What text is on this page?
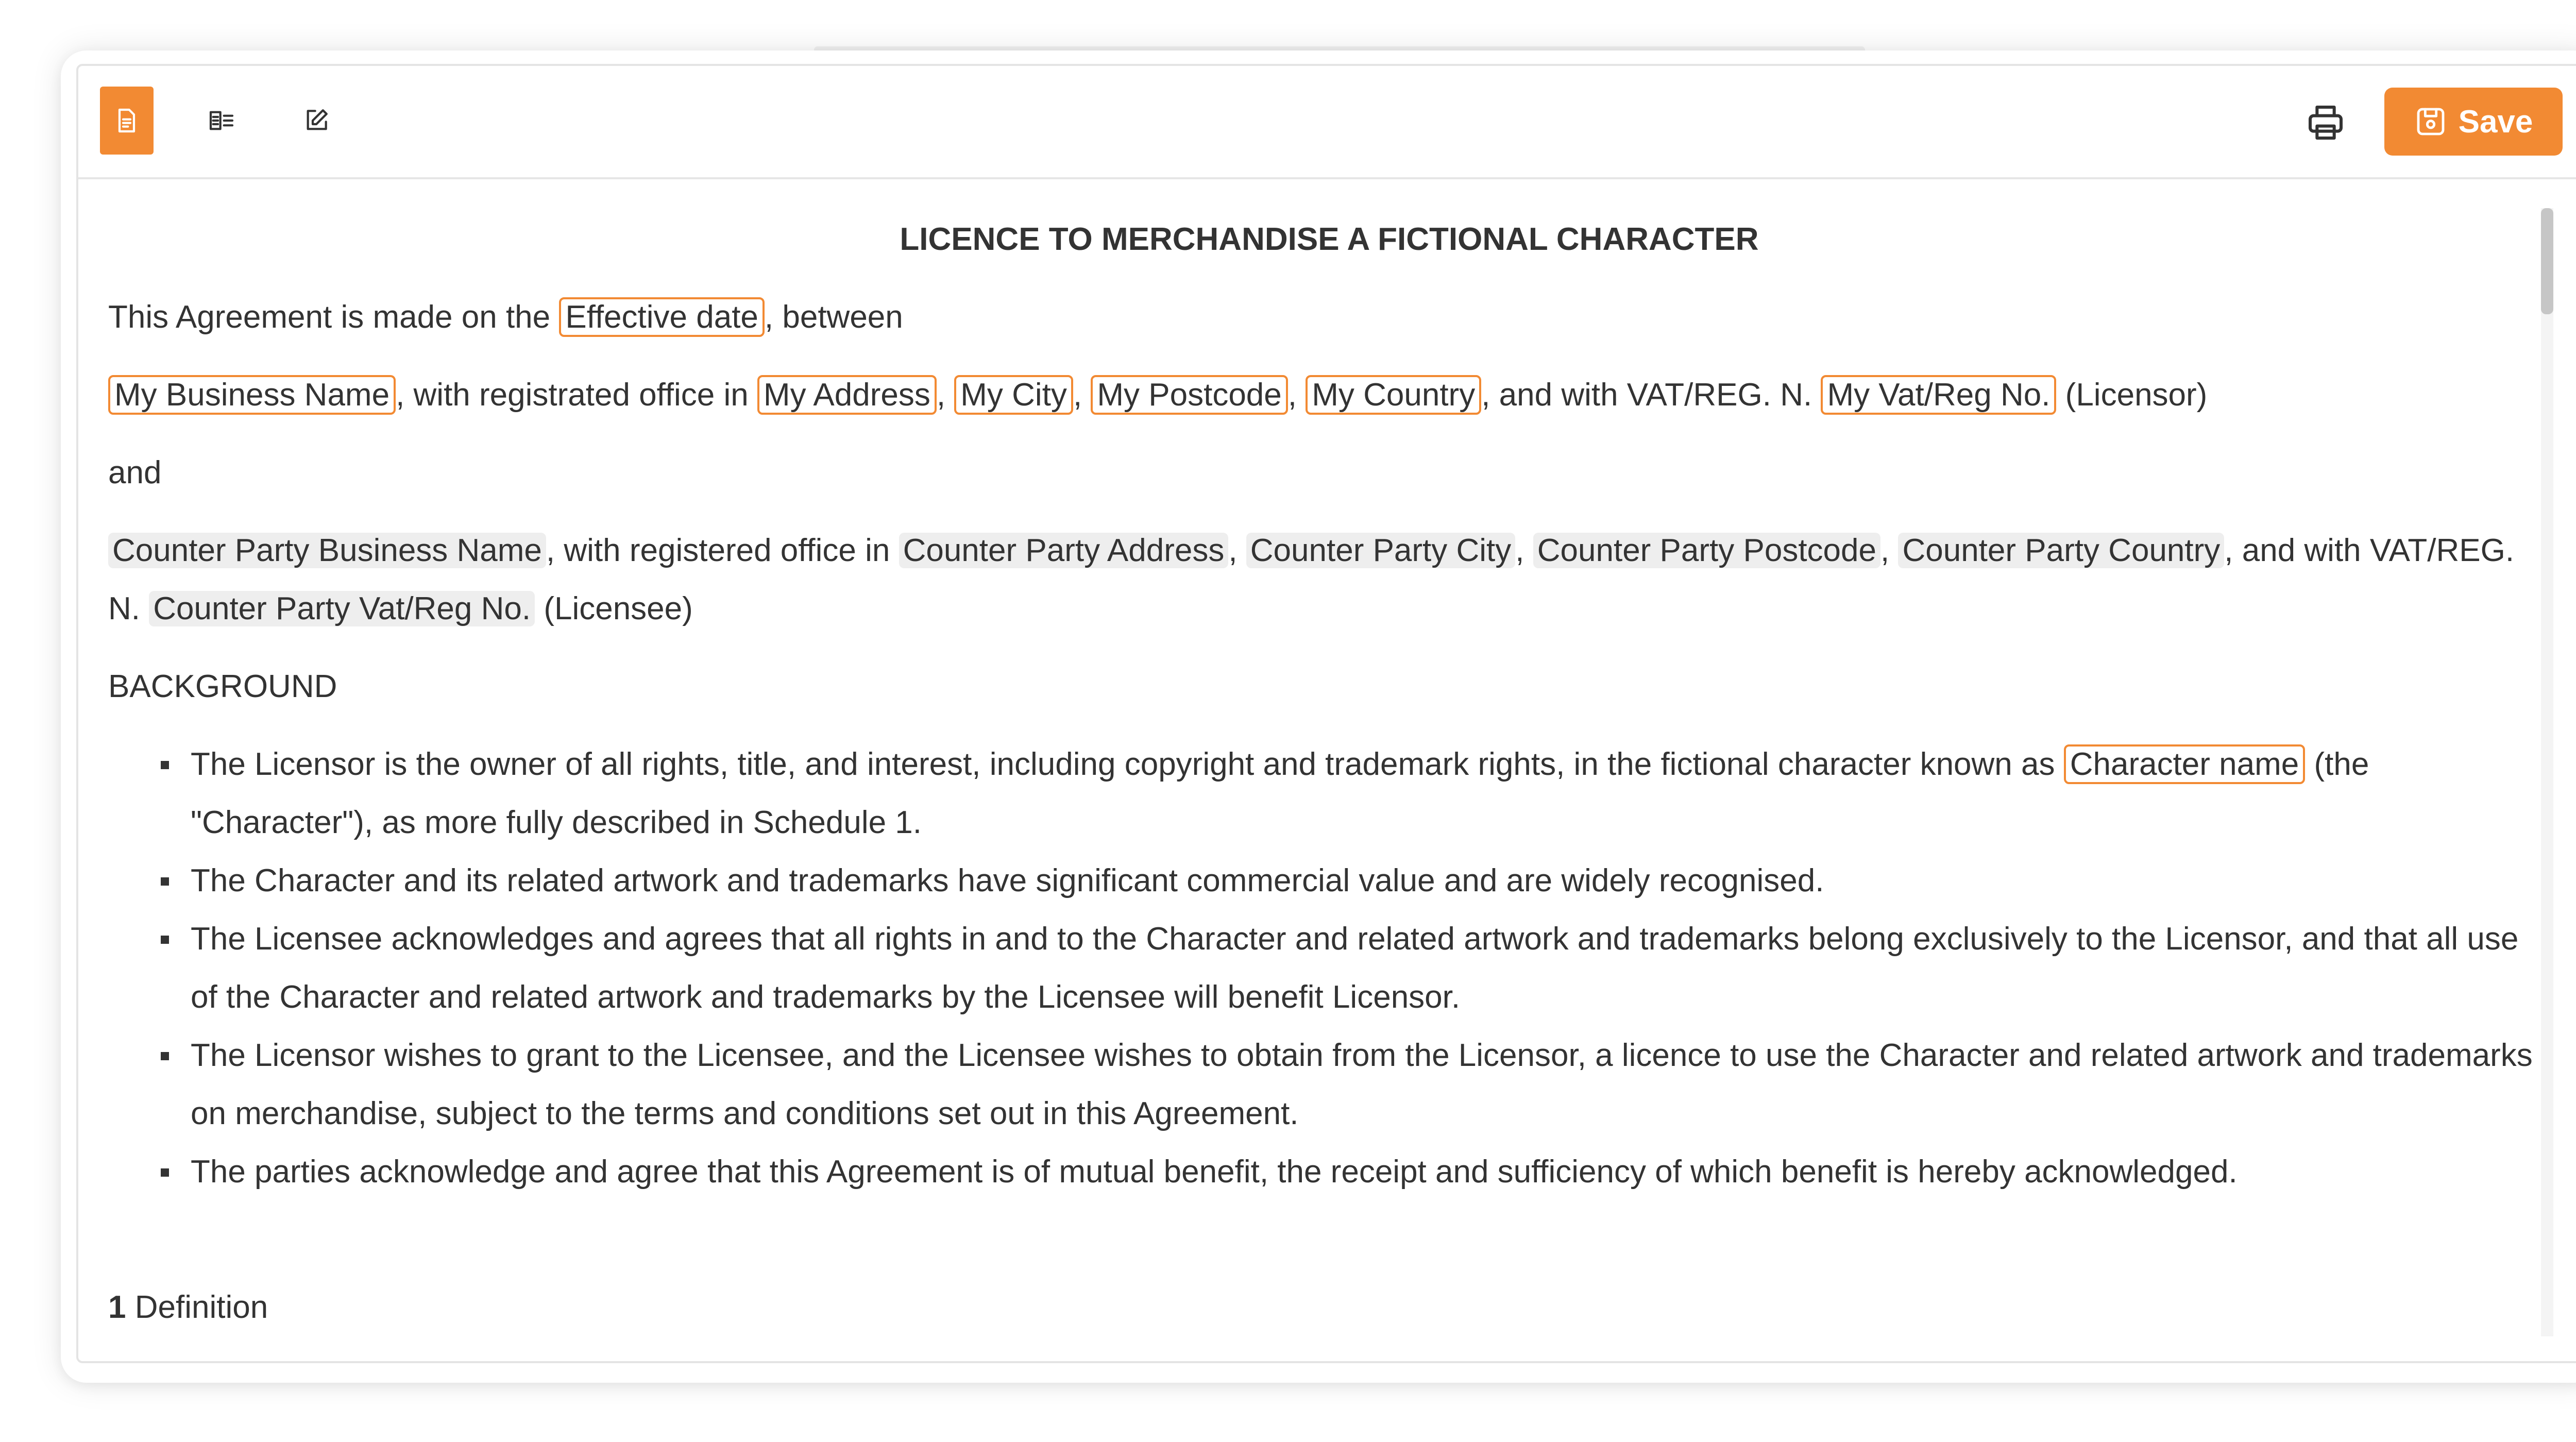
Save
LICENCE TO MERCHANDISE A FICTIONAL CHARACTER
This Agreement is made on the Effective date , between
My Business Name , with registrated office in My Address , My City , My Postcode , My Country , and with VAT/REG. N. My Vat/Reg No. (Licensor)
and
Counter Party Business Name , with registered office in Counter Party Address , Counter Party City , Counter Party Postcode , Counter Party Country , and with VAT/REG. N. Counter Party Vat/Reg No. (Licensee)
BACKGROUND
The Licensor is the owner of all rights, title, and interest, including copyright and trademark rights, in the fictional character known as Character name (the "Character"), as more fully described in Schedule 1.
The Character and its related artwork and trademarks have significant commercial value and are widely recognised.
The Licensee acknowledges and agrees that all rights in and to the Character and related artwork and trademarks belong exclusively to the Licensor, and that all use of the Character and related artwork and trademarks by the Licensee will benefit Licensor.
The Licensor wishes to grant to the Licensee, and the Licensee wishes to obtain from the Licensor, a licence to use the Character and related artwork and trademarks on merchandise, subject to the terms and conditions set out in this Agreement.
The parties acknowledge and agree that this Agreement is of mutual benefit, the receipt and sufficiency of which benefit is hereby acknowledged.
1 Definition
